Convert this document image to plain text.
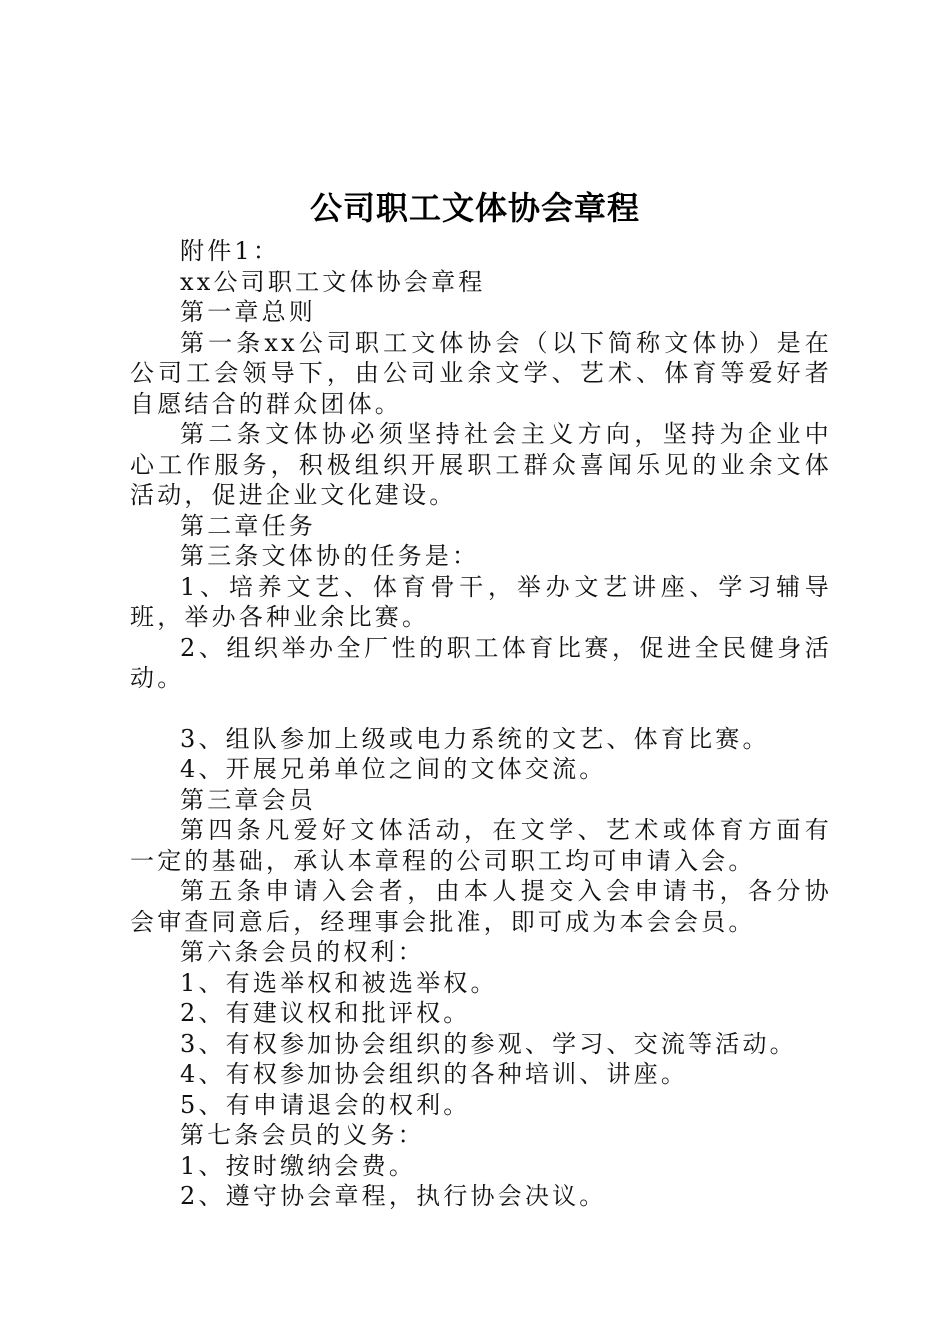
公司职工文体协会章程

附件1：

xx公司职工文体协会章程

第一章总则

第一条xx公司职工文体协会（以下简称文体协）是在公司工会领导下，由公司业余文学、艺术、体育等爱好者自愿结合的群众团体。

第二条文体协必须坚持社会主义方向，坚持为企业中心工作服务，积极组织开展职工群众喜闻乐见的业余文体活动，促进企业文化建设。

第二章任务

第三条文体协的任务是：

1、培养文艺、体育骨干，举办文艺讲座、学习辅导班，举办各种业余比赛。

2、组织举办全厂性的职工体育比赛，促进全民健身活动。

3、组队参加上级或电力系统的文艺、体育比赛。

4、开展兄弟单位之间的文体交流。

第三章会员

第四条凡爱好文体活动，在文学、艺术或体育方面有一定的基础，承认本章程的公司职工均可申请入会。

第五条申请入会者，由本人提交入会申请书，各分协会审查同意后，经理事会批准，即可成为本会会员。

第六条会员的权利：

1、有选举权和被选举权。

2、有建议权和批评权。

3、有权参加协会组织的参观、学习、交流等活动。

4、有权参加协会组织的各种培训、讲座。

5、有申请退会的权利。

第七条会员的义务：

1、按时缴纳会费。

2、遵守协会章程，执行协会决议。
